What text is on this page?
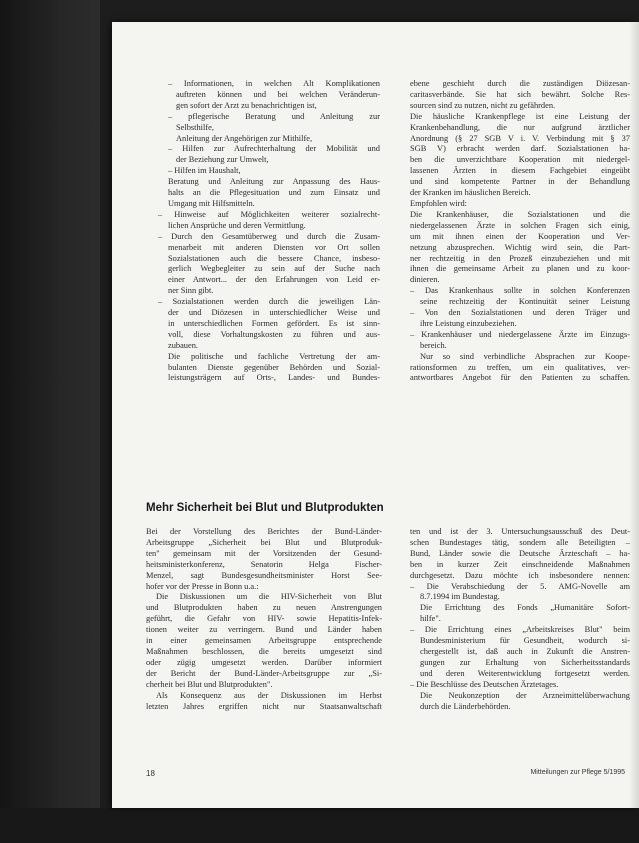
– Informationen, in welchen Alt Komplikationen
auftreten können und bei welchen Veränderun-
gen sofort der Arzt zu benachrichtigen ist,
– pflegerische Beratung und Anleitung zur
Selbsthilfe,
Anleitung der Angehörigen zur Mithilfe,
– Hilfen zur Aufrechterhaltung der Mobilität und
der Beziehung zur Umwelt,
– Hilfen im Haushalt,
Beratung und Anleitung zur Anpassung des Haus-
halts an die Pflegesituation und zum Einsatz und
Umgang mit Hilfsmitteln.
– Hinweise auf Möglichkeiten weiterer sozialrecht-
lichen Ansprüche und deren Vermittlung.
– Durch den Gesamtüberweg und durch die Zusam-
menarbeit mit anderen Diensten vor Ort sollen
Sozialstationen auch die bessere Chance, insbeso-
gerlich Wegbegleiter zu sein auf der Suche nach
einer Antwort... der den Erfahrungen von Leid er-
ner Sinn gibt.
– Sozialstationen werden durch die jeweiligen Län-
der und Diözesen in unterschiedlicher Weise und
in unterschiedlichen Formen gefördert. Es ist sinn-
voll, diese Vorhaltungskosten zu führen und aus-
zubauen.
Die politische und fachliche Vertretung der am-
bulanten Dienste gegenüber Behörden und Sozial-
leistungsträgern auf Orts-, Landes- und Bundes-
ebene geschieht durch die zuständigen Diözesan-
caritasverbände. Sie hat sich bewährt. Solche Res-
sourcen sind zu nutzen, nicht zu gefährden.
Die häusliche Krankenpflege ist eine Leistung der
Krankenbehandlung, die nur aufgrund ärztlicher
Anordnung (§ 27 SGB V i. V. Verbindung mit § 37
SGB V) erbracht werden darf. Sozialstationen ha-
ben die unverzichtbare Kooperation mit niedergel-
lassenen Ärzten in diesem Fachgebiet eingeübt
und sind kompetente Partner in der Behandlung
der Kranken im häuslichen Bereich.
Empfohlen wird:
Die Krankenhäuser, die Sozialstationen und die
niedergelassenen Ärzte in solchen Fragen sich einig,
um mit ihnen einen der Kooperation und Ver-
netzung abzusprechen. Wichtig wird sein, die Part-
ner rechtzeitig in den Prozeß einzubeziehen und mit
ihnen die gemeinsame Arbeit zu planen und zu koor-
dinieren.
– Das Krankenhaus sollte in solchen Konferenzen
seine rechtzeitig der Kontinuität seiner Leistung
– Von den Sozialstationen und deren Träger und
ihre Leistung einzubeziehen.
– Krankenhäuser und niedergelassene Ärzte im Einzugs-
bereich.
Nur so sind verbindliche Absprachen zur Koope-
rationsformen zu treffen, um ein qualitatives, ver-
antwortbares Angebot für den Patienten zu schaffen.
Mehr Sicherheit bei Blut und Blutprodukten
Bei der Vorstellung des Berichtes der Bund-Länder-
Arbeitsgruppe „Sicherheit bei Blut und Blutproduk-
ten" gemeinsam mit der Vorsitzenden der Gesund-
heitsministerkonferenz, Senatorin Helga Fischer-
Menzel, sagt Bundesgesundheitsminister Horst See-
hofer vor der Presse in Bonn u.a.:
Die Diskussionen um die HIV-Sicherheit von Blut
und Blutprodukten haben zu neuen Anstrengungen
geführt, die Gefahr von HIV- sowie Hepatitis-Infek-
tionen weiter zu verringern. Bund und Länder haben
in einer gemeinsamen Arbeitsgruppe entsprechende
Maßnahmen beschlossen, die bereits umgesetzt sind
oder zügig umgesetzt werden. Darüber informiert
der Bericht der Bund-Länder-Arbeitsgruppe zur „Si-
cherheit bei Blut und Blutprodukten".
Als Konsequenz aus der Diskussionen im Herbst
letzten Jahres ergriffen nicht nur Staatsanwaltschaft
ten und ist der 3. Untersuchungsausschuß des Deut-
schen Bundestages tätig, sondern alle Beteiligten –
Bund, Länder sowie die Deutsche Ärzteschaft – ha-
ben in kurzer Zeit einschneidende Maßnahmen
durchgesetzt. Dazu möchte ich insbesondere nennen:
– Die Verabschiedung der 5. AMG-Novelle am
8.7.1994 im Bundestag.
Die Errichtung des Fonds „Humanitäre Sofort-
hilfe".
– Die Errichtung eines „Arbeitskreises Blut" beim
Bundesministerium für Gesundheit, wodurch si-
chergestellt ist, daß auch in Zukunft die Anstren-
gungen zur Erhaltung von Sicherheitsstandards
und deren Weiterentwicklung fortgesetzt werden.
– Die Beschlüsse des Deutschen Ärztetages.
Die Neukonzeption der Arzneimittelüberwachung
durch die Länderbehörden.
18	Mitteilungen zur Pflege 5/1995
